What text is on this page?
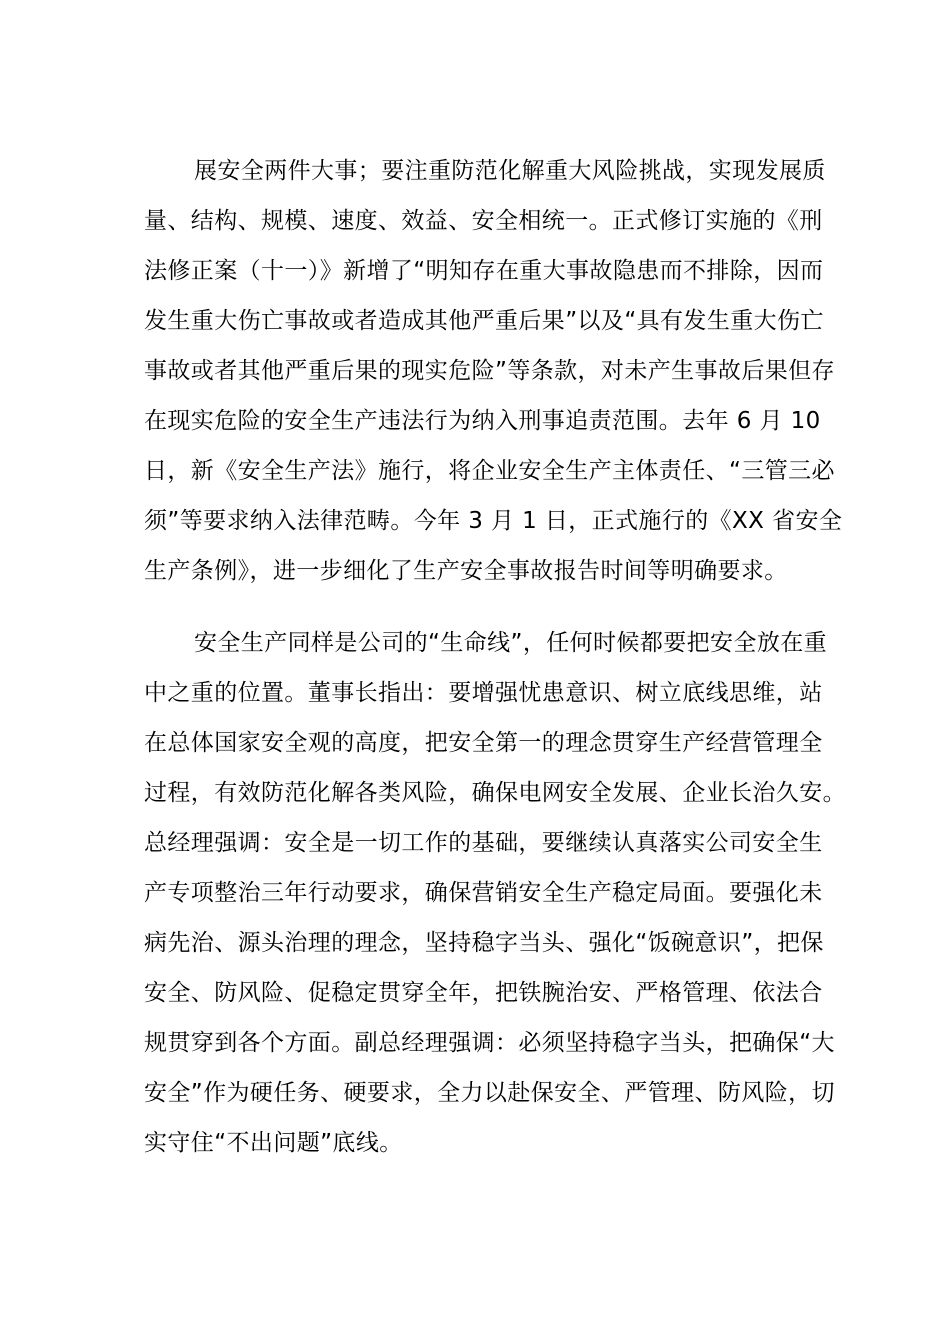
展安全两件大事；要注重防范化解重大风险挑战，实现发展质

量、结构、规模、速度、效益、安全相统一。正式修订实施的《刑

法修正案（十一）》新增了“明知存在重大事故隐患而不排除，因而

发生重大伤亡事故或者造成其他严重后果”以及“具有发生重大伤亡

事故或者其他严重后果的现实危险”等条款，对未产生事故后果但存

在现实危险的安全生产违法行为纳入刑事追责范围。去年 6 月 10

日，新《安全生产法》施行，将企业安全生产主体责任、“三管三必

须”等要求纳入法律范畴。今年 3 月 1 日，正式施行的《XX 省安全

生产条例》，进一步细化了生产安全事故报告时间等明确要求。

安全生产同样是公司的“生命线”，任何时候都要把安全放在重

中之重的位置。董事长指出：要增强忧患意识、树立底线思维，站

在总体国家安全观的高度，把安全第一的理念贯穿生产经营管理全

过程，有效防范化解各类风险，确保电网安全发展、企业长治久安。

总经理强调：安全是一切工作的基础，要继续认真落实公司安全生

产专项整治三年行动要求，确保营销安全生产稳定局面。要强化未

病先治、源头治理的理念，坚持稳字当头、强化“饭碗意识”，把保

安全、防风险、促稳定贯穿全年，把铁腕治安、严格管理、依法合

规贯穿到各个方面。副总经理强调：必须坚持稳字当头，把确保“大

安全”作为硬任务、硬要求，全力以赴保安全、严管理、防风险，切

实守住“不出问题”底线。
